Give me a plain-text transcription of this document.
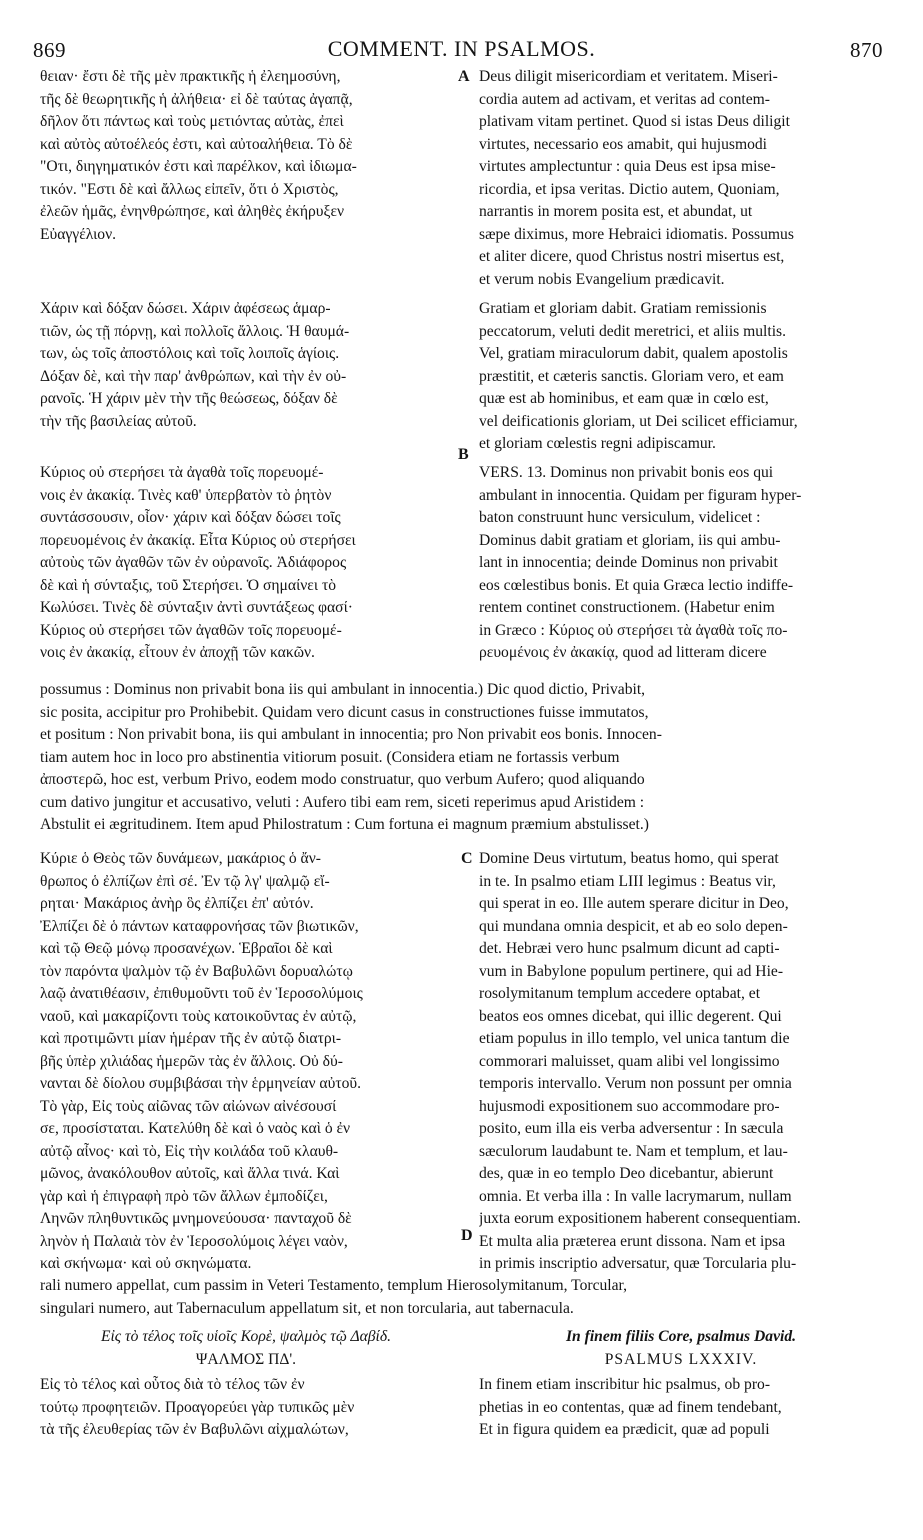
869	COMMENT. IN PSALMOS.	870
A
B
C
D
θειαν· ἔστι δὲ τῆς μὲν πρακτικῆς ἡ ἐλεημοσύνη,
τῆς δὲ θεωρητικῆς ἡ ἀλήθεια· εἰ δὲ ταύτας ἀγαπᾷ,
δῆλον ὅτι πάντως καὶ τοὺς μετιόντας αὐτὰς, ἐπεὶ
καὶ αὐτὸς αὐτοέλεός ἐστι, καὶ αὐτοαλήθεια. Τὸ δὲ
"Οτι, διηγηματικόν ἐστι καὶ παρέλκον, καὶ ἰδιωμα-
τικόν. "Εστι δὲ καὶ ἄλλως εἰπεῖν, ὅτι ὁ Χριστὸς,
ἐλεῶν ἡμᾶς, ἐνηνθρώπησε, καὶ ἀληθὲς ἐκήρυξεν
Εὐαγγέλιον.
Deus diligit misericordiam et veritatem. Miseri-
cordia autem ad activam, et veritas ad contem-
plativam vitam pertinet. Quod si istas Deus diligit
virtutes, necessario eos amabit, qui hujusmodi
virtutes amplectuntur : quia Deus est ipsa mise-
ricordia, et ipsa veritas. Dictio autem, Quoniam,
narrantis in morem posita est, et abundat, ut
sæpe diximus, more Hebraici idiomatis. Possumus
et aliter dicere, quod Christus nostri misertus est,
et verum nobis Evangelium prædicavit.
Χάριν καὶ δόξαν δώσει. Χάριν ἀφέσεως ἁμαρ-
τιῶν, ὡς τῇ πόρνῃ, καὶ πολλοῖς ἄλλοις. Ἡ θαυμά-
των, ὡς τοῖς ἀποστόλοις καὶ τοῖς λοιποῖς ἁγίοις.
Δόξαν δὲ, καὶ τὴν παρ' ἀνθρώπων, καὶ τὴν ἐν οὐ-
ρανοῖς. Ἡ χάριν μὲν τὴν τῆς θεώσεως, δόξαν δὲ
τὴν τῆς βασιλείας αὐτοῦ.
Gratiam et gloriam dabit. Gratiam remissionis
peccatorum, veluti dedit meretrici, et aliis multis.
Vel, gratiam miraculorum dabit, qualem apostolis
præstitit, et cæteris sanctis. Gloriam vero, et eam
quæ est ab hominibus, et eam quæ in cœlo est,
vel deificationis gloriam, ut Dei scilicet efficiamur,
et gloriam cœlestis regni adipiscamur.
Κύριος οὐ στερήσει τὰ ἀγαθὰ τοῖς πορευομέ-
νοις ἐν ἀκακίᾳ. Τινὲς καθ' ὑπερβατὸν τὸ ῥητὸν
συντάσσουσιν, οἷον· χάριν καὶ δόξαν δώσει τοῖς
πορευομένοις ἐν ἀκακίᾳ. Εἶτα Κύριος οὐ στερήσει
αὐτοὺς τῶν ἀγαθῶν τῶν ἐν οὐρανοῖς. Ἀδιάφορος
δὲ καὶ ἡ σύνταξις, τοῦ Στερήσει. Ὁ σημαίνει τὸ
Κωλύσει. Τινὲς δὲ σύνταξιν ἀντὶ συντάξεως φασί·
Κύριος οὐ στερήσει τῶν ἀγαθῶν τοῖς πορευομέ-
νοις ἐν ἀκακίᾳ, εἶτουν ἐν ἀποχῇ τῶν κακῶν.
VERS. 13. Dominus non privabit bonis eos qui
ambulant in innocentia. Quidam per figuram hyper-
baton construunt hunc versiculum, videlicet :
Dominus dabit gratiam et gloriam, iis qui ambu-
lant in innocentia; deinde Dominus non privabit
eos cœlestibus bonis. Et quia Græca lectio indiffe-
rentem continet constructionem. (Habetur enim
in Græco : Κύριος οὐ στερήσει τὰ ἀγαθὰ τοῖς πο-
ρευομένοις ἐν ἀκακίᾳ, quod ad litteram dicere
possumus : Dominus non privabit bona iis qui ambulant in innocentia.) Dic quod dictio, Privabit,
sic posita, accipitur pro Prohibebit. Quidam vero dicunt casus in constructiones fuisse immutatos,
et positum : Non privabit bona, iis qui ambulant in innocentia; pro Non privabit eos bonis. Innocen-
tiam autem hoc in loco pro abstinentia vitiorum posuit. (Considera etiam ne fortassis verbum
ἀποστερῶ, hoc est, verbum Privo, eodem modo construatur, quo verbum Aufero; quod aliquando
cum dativo jungitur et accusativo, veluti : Aufero tibi eam rem, siceti reperimus apud Aristidem :
Abstulit ei ægritudinem. Item apud Philostratum : Cum fortuna ei magnum præmium abstulisset.)
Κύριε ὁ Θεὸς τῶν δυνάμεων, μακάριος ὁ ἄν-
θρωπος ὁ ἐλπίζων ἐπὶ σέ. Ἐν τῷ λγ' ψαλμῷ εἴ-
ρηται· Μακάριος ἀνὴρ ὃς ἐλπίζει ἐπ' αὐτόν.
Ἐλπίζει δὲ ὁ πάντων καταφρονήσας τῶν βιωτικῶν,
καὶ τῷ Θεῷ μόνῳ προσανέχων. Ἑβραῖοι δὲ καὶ
τὸν παρόντα ψαλμὸν τῷ ἐν Βαβυλῶνι δορυαλώτῳ
λαῷ ἀνατιθέασιν, ἐπιθυμοῦντι τοῦ ἐν Ἱεροσολύμοις
ναοῦ, καὶ μακαρίζοντι τοὺς κατοικοῦντας ἐν αὐτῷ,
καὶ προτιμῶντι μίαν ἡμέραν τῆς ἐν αὐτῷ διατρι-
βῆς ὑπὲρ χιλιάδας ἡμερῶν τὰς ἐν ἄλλοις. Οὐ δύ-
νανται δὲ δίολου συμβιβάσαι τὴν ἑρμηνείαν αὐτοῦ.
Τὸ γὰρ, Εἰς τοὺς αἰῶνας τῶν αἰώνων αἰνέσουσί
σε, προσίσταται. Κατελύθη δὲ καὶ ὁ ναὸς καὶ ὁ ἐν
αὐτῷ αἶνος· καὶ τὸ, Εἰς τὴν κοιλάδα τοῦ κλαυθ-
μῶνος, ἀνακόλουθον αὐτοῖς, καὶ ἄλλα τινά. Καὶ
γὰρ καὶ ἡ ἐπιγραφὴ πρὸ τῶν ἄλλων ἐμποδίζει,
Ληνῶν πληθυντικῶς μνημονεύουσα· πανταχοῦ δὲ
ληνὸν ἡ Παλαιὰ τὸν ἐν Ἱεροσολύμοις λέγει ναὸν,
καὶ σκήνωμα· καὶ οὐ σκηνώματα.
Domine Deus virtutum, beatus homo, qui sperat
in te. In psalmo etiam LIII legimus : Beatus vir,
qui sperat in eo. Ille autem sperare dicitur in Deo,
qui mundana omnia despicit, et ab eo solo depen-
det. Hebræi vero hunc psalmum dicunt ad capti-
vum in Babylone populum pertinere, qui ad Hie-
rosolymitanum templum accedere optabat, et
beatos eos omnes dicebat, qui illic degerent. Qui
etiam populus in illo templo, vel unica tantum die
commorari maluisset, quam alibi vel longissimo
temporis intervallo. Verum non possunt per omnia
hujusmodi expositionem suo accommodare pro-
posito, eum illa eis verba adversentur : In sæcula
sæculorum laudabunt te. Nam et templum, et lau-
des, quæ in eo templo Deo dicebantur, abierunt
omnia. Et verba illa : In valle lacrymarum, nullam
juxta eorum expositionem haberent consequentiam.
Et multa alia præterea erunt dissona. Nam et ipsa
in primis inscriptio adversatur, quæ Torcularia plu-
rali numero appellat, cum passim in Veteri Testamento, templum Hierosolymitanum, Torcular,
singulari numero, aut Tabernaculum appellatum sit, et non torcularia, aut tabernacula.
Εἰς τὸ τέλος τοῖς υἱοῖς Κορὲ, ψαλμὸς τῷ Δαβίδ.	In finem filiis Core, psalmus David.
ΨΑΛΜΟΣ ΠΔ'.	PSALMUS LXXXIV.
Εἰς τὸ τέλος καὶ οὗτος διὰ τὸ τέλος τῶν ἐν
τούτῳ προφητειῶν. Προαγορεύει γὰρ τυπικῶς μὲν
τὰ τῆς ἐλευθερίας τῶν ἐν Βαβυλῶνι αἰχμαλώτων,
In finem etiam inscribitur hic psalmus, ob pro-
phetias in eo contentas, quæ ad finem tendebant,
Et in figura quidem ea prædicit, quæ ad populi
